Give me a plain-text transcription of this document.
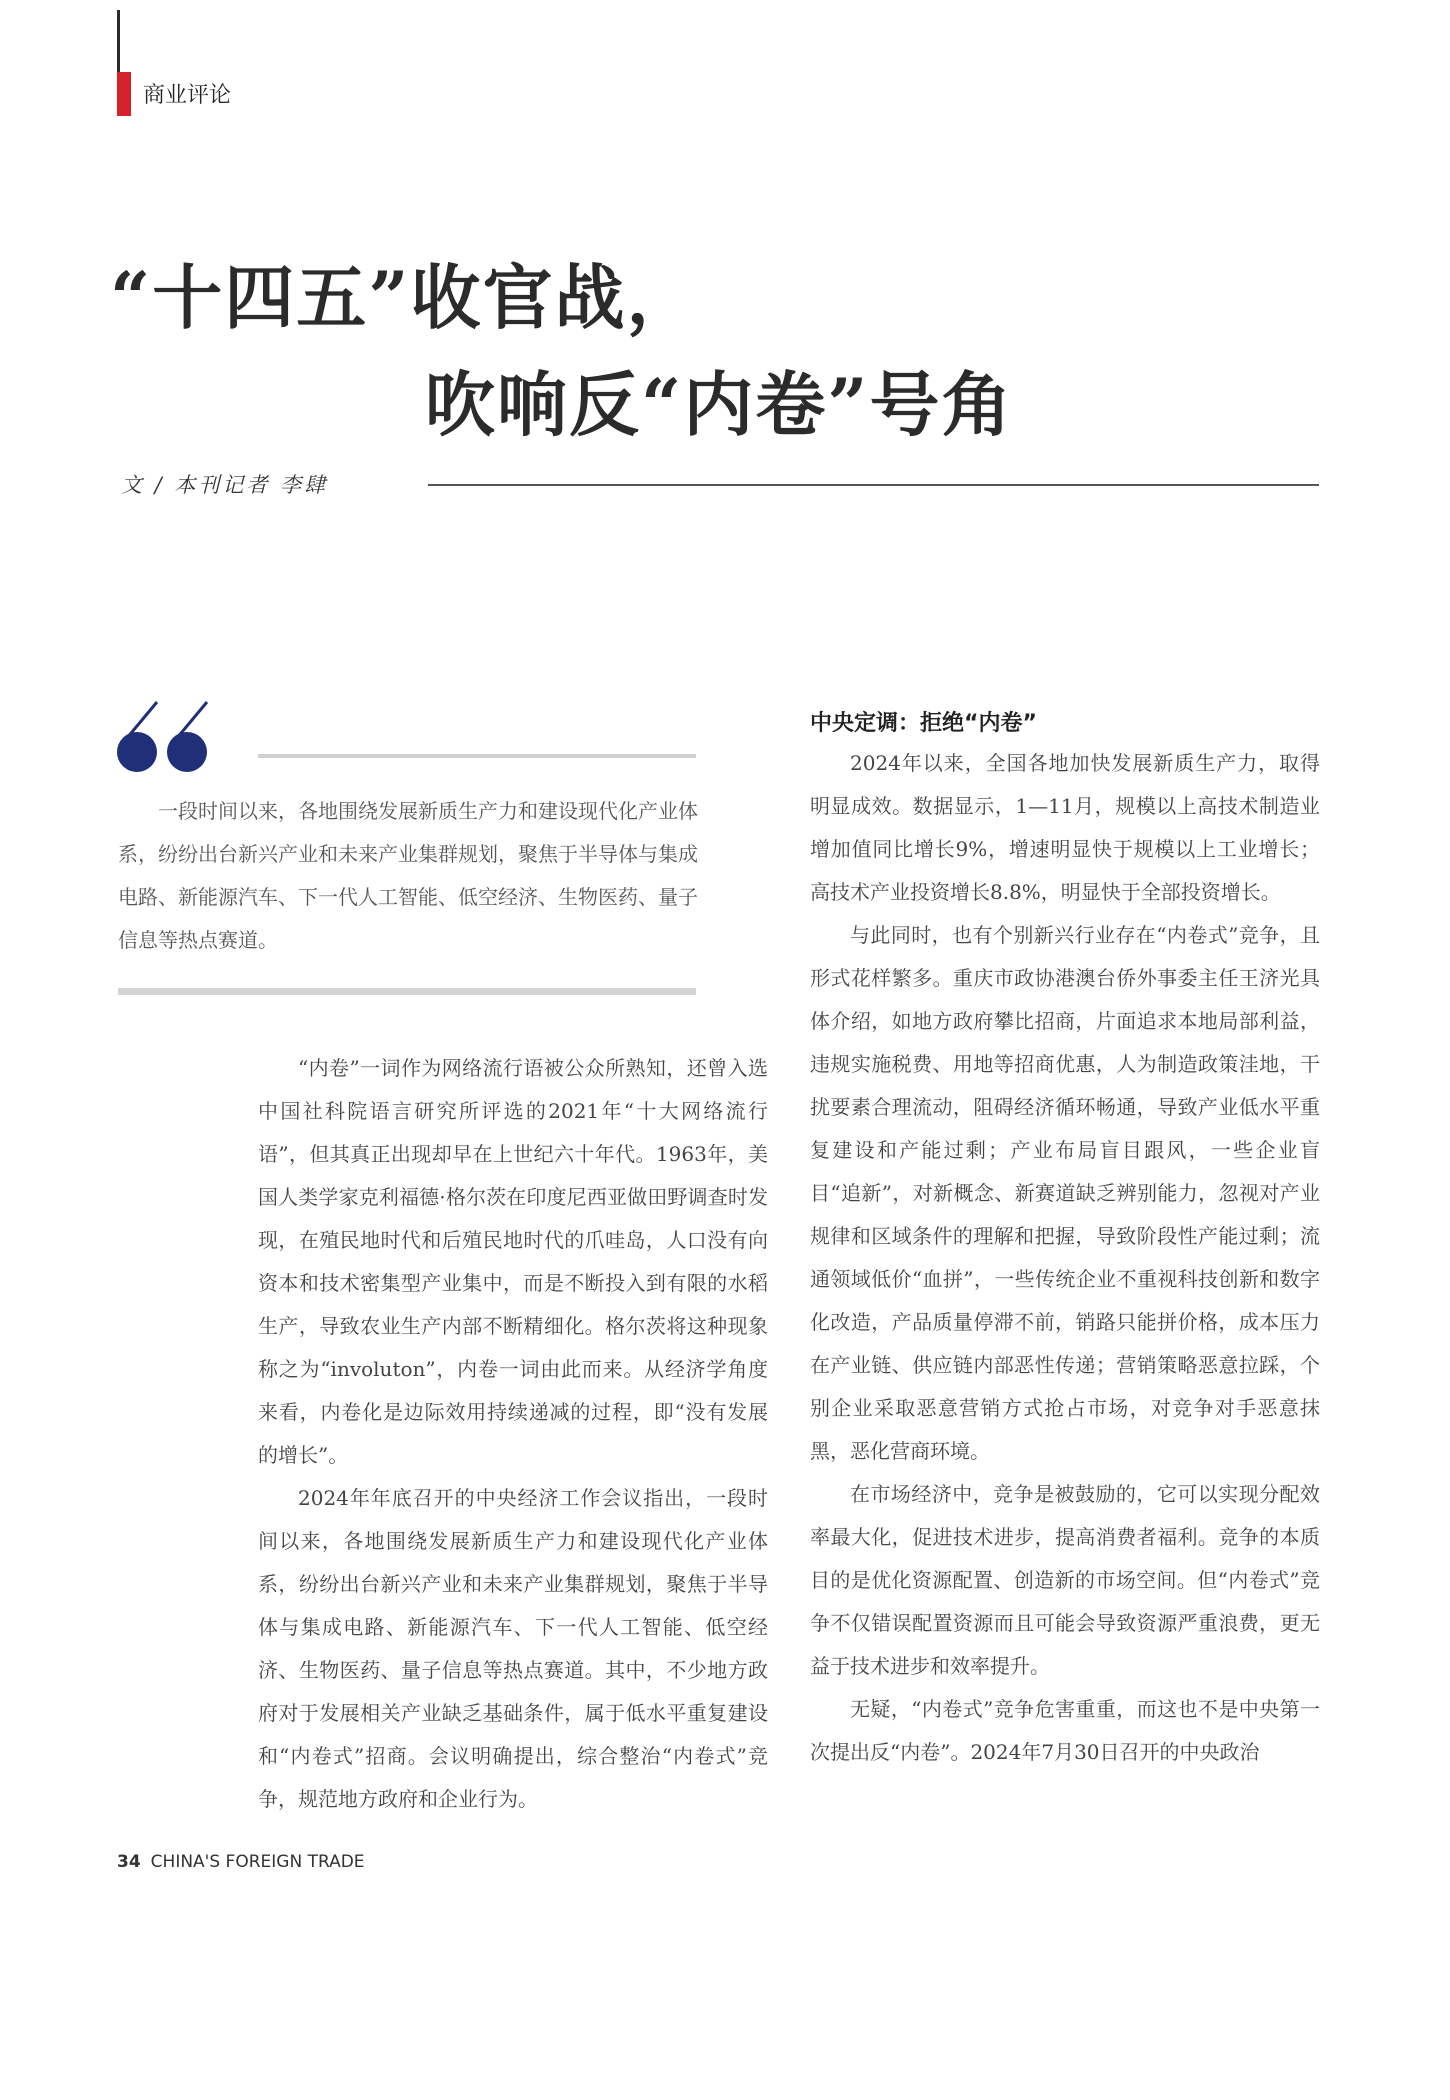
商业评论
“十四五”收官战，
吹响反“内卷”号角
文 / 本刊记者 李肆

一段时间以来，各地围绕发展新质生产力和建设现代化产业体系，纷纷出台新兴产业和未来产业集群规划，聚焦于半导体与集成电路、新能源汽车、下一代人工智能、低空经济、生物医药、量子信息等热点赛道。

“内卷”一词作为网络流行语被公众所熟知，还曾入选中国社科院语言研究所评选的2021年“十大网络流行语”，但其真正出现却早在上世纪六十年代。1963年，美国人类学家克利福德·格尔茨在印度尼西亚做田野调查时发现，在殖民地时代和后殖民地时代的爪哇岛，人口没有向资本和技术密集型产业集中，而是不断投入到有限的水稻生产，导致农业生产内部不断精细化。格尔茨将这种现象称之为“involuton”，内卷一词由此而来。从经济学角度来看，内卷化是边际效用持续递减的过程，即“没有发展的增长”。

2024年年底召开的中央经济工作会议指出，一段时间以来，各地围绕发展新质生产力和建设现代化产业体系，纷纷出台新兴产业和未来产业集群规划，聚焦于半导体与集成电路、新能源汽车、下一代人工智能、低空经济、生物医药、量子信息等热点赛道。其中，不少地方政府对于发展相关产业缺乏基础条件，属于低水平重复建设和“内卷式”招商。会议明确提出，综合整治“内卷式”竞争，规范地方政府和企业行为。

中央定调：拒绝“内卷”

2024年以来，全国各地加快发展新质生产力，取得明显成效。数据显示，1—11月，规模以上高技术制造业增加值同比增长9%，增速明显快于规模以上工业增长；高技术产业投资增长8.8%，明显快于全部投资增长。

与此同时，也有个别新兴行业存在“内卷式”竞争，且形式花样繁多。重庆市政协港澳台侨外事委主任王济光具体介绍，如地方政府攀比招商，片面追求本地局部利益，违规实施税费、用地等招商优惠，人为制造政策洼地，干扰要素合理流动，阻碍经济循环畅通，导致产业低水平重复建设和产能过剩；产业布局盲目跟风，一些企业盲目“追新”，对新概念、新赛道缺乏辨别能力，忽视对产业规律和区域条件的理解和把握，导致阶段性产能过剩；流通领域低价“血拼”，一些传统企业不重视科技创新和数字化改造，产品质量停滞不前，销路只能拼价格，成本压力在产业链、供应链内部恶性传递；营销策略恶意拉踩，个别企业采取恶意营销方式抢占市场，对竞争对手恶意抹黑，恶化营商环境。

在市场经济中，竞争是被鼓励的，它可以实现分配效率最大化，促进技术进步，提高消费者福利。竞争的本质目的是优化资源配置、创造新的市场空间。但“内卷式”竞争不仅错误配置资源而且可能会导致资源严重浪费，更无益于技术进步和效率提升。

无疑，“内卷式”竞争危害重重，而这也不是中央第一次提出反“内卷”。2024年7月30日召开的中央政治

34 CHINA'S FOREIGN TRADE
